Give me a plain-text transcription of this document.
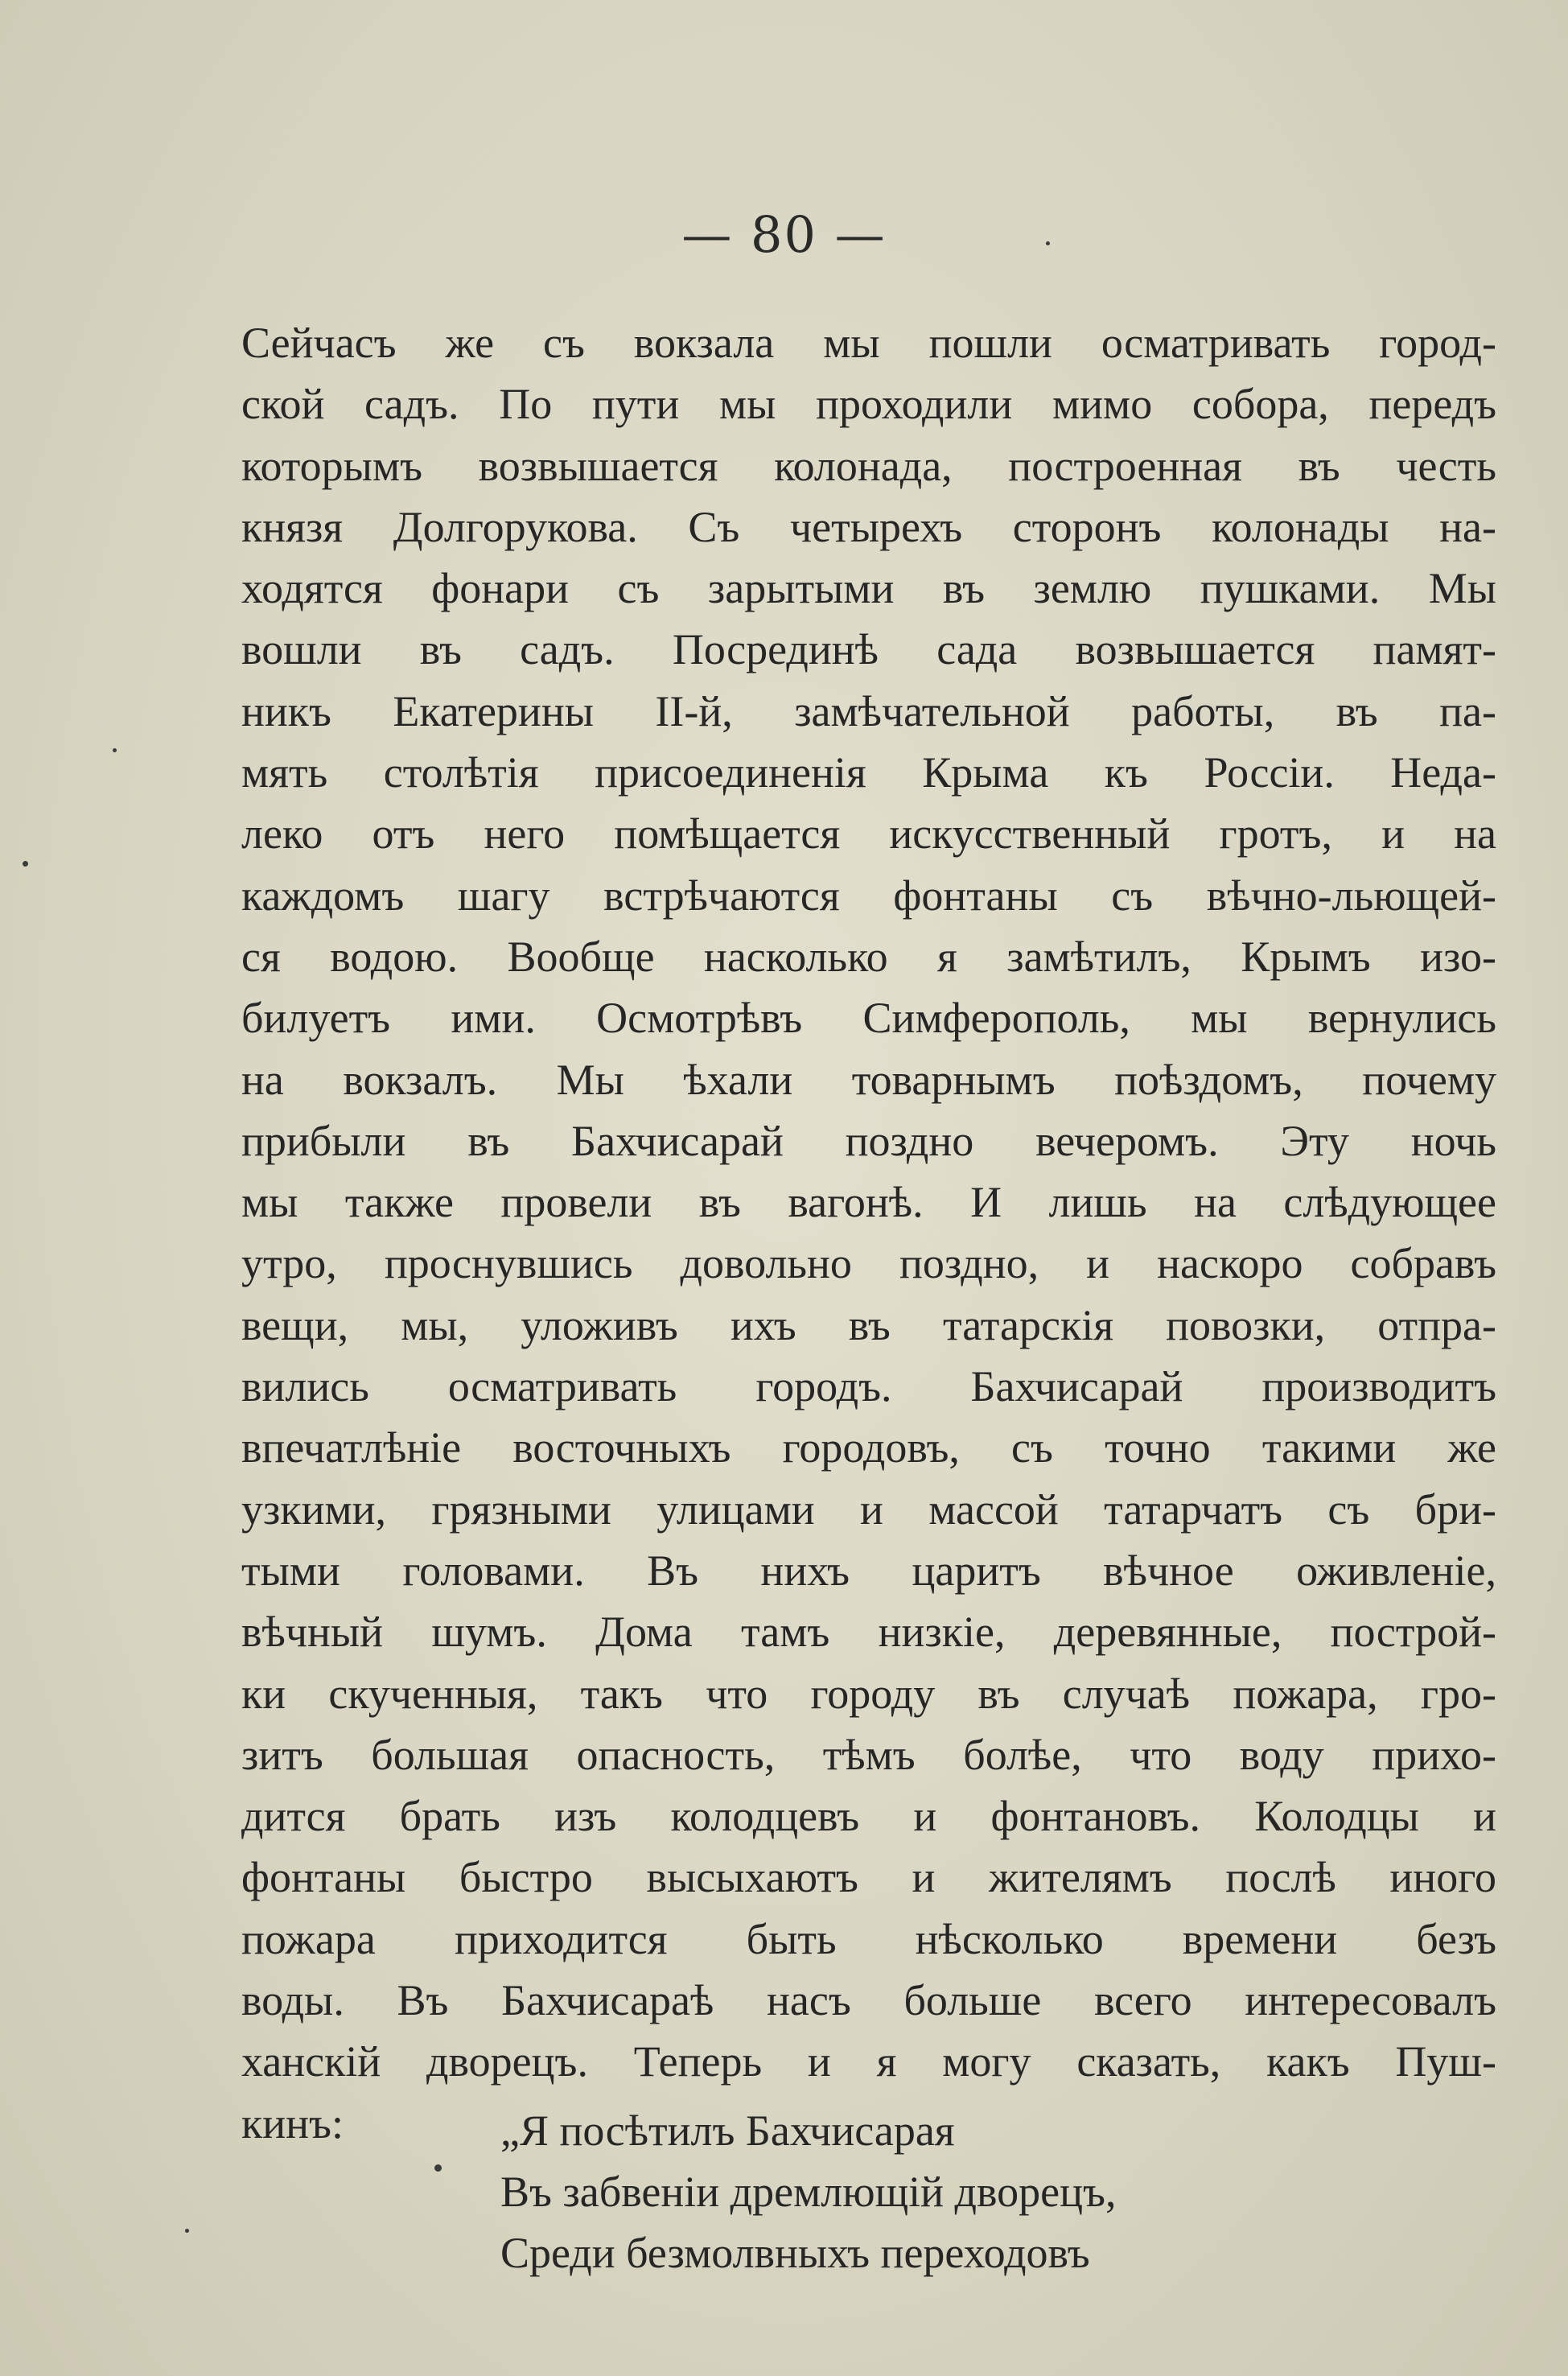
— 80 —
Сейчасъ же съ вокзала мы пошли осматривать город-
ской садъ. По пути мы проходили мимо собора, передъ
которымъ возвышается колонада, построенная въ честь
князя Долгорукова. Съ четырехъ сторонъ колонады на-
ходятся фонари съ зарытыми въ землю пушками. Мы
вошли въ садъ. Посрединѣ сада возвышается памят-
никъ Екатерины II-й, замѣчательной работы, въ па-
мять столѣтія присоединенія Крыма къ Россіи. Неда-
леко отъ него помѣщается искусственный гротъ, и на
каждомъ шагу встрѣчаются фонтаны съ вѣчно-льющей-
ся водою. Вообще насколько я замѣтилъ, Крымъ изо-
билуетъ ими. Осмотрѣвъ Симферополь, мы вернулись
на вокзалъ. Мы ѣхали товарнымъ поѣздомъ, почему
прибыли въ Бахчисарай поздно вечеромъ. Эту ночь
мы также провели въ вагонѣ. И лишь на слѣдующее
утро, проснувшись довольно поздно, и наскоро собравъ
вещи, мы, уложивъ ихъ въ татарскія повозки, отпра-
вились осматривать городъ. Бахчисарай производитъ
впечатлѣніе восточныхъ городовъ, съ точно такими же
узкими, грязными улицами и массой татарчатъ съ бри-
тыми головами. Въ нихъ царитъ вѣчное оживленіе,
вѣчный шумъ. Дома тамъ низкіе, деревянные, построй-
ки скученныя, такъ что городу въ случаѣ пожара, гро-
зитъ большая опасность, тѣмъ болѣе, что воду прихо-
дится брать изъ колодцевъ и фонтановъ. Колодцы и
фонтаны быстро высыхаютъ и жителямъ послѣ иного
пожара приходится быть нѣсколько времени безъ
воды. Въ Бахчисараѣ насъ больше всего интересовалъ
ханскій дворецъ. Теперь и я могу сказать, какъ Пуш-
кинъ:	„Я посѣтилъ Бахчисарая
Въ забвеніи дремлющій дворецъ,
Среди безмолвныхъ переходовъ
